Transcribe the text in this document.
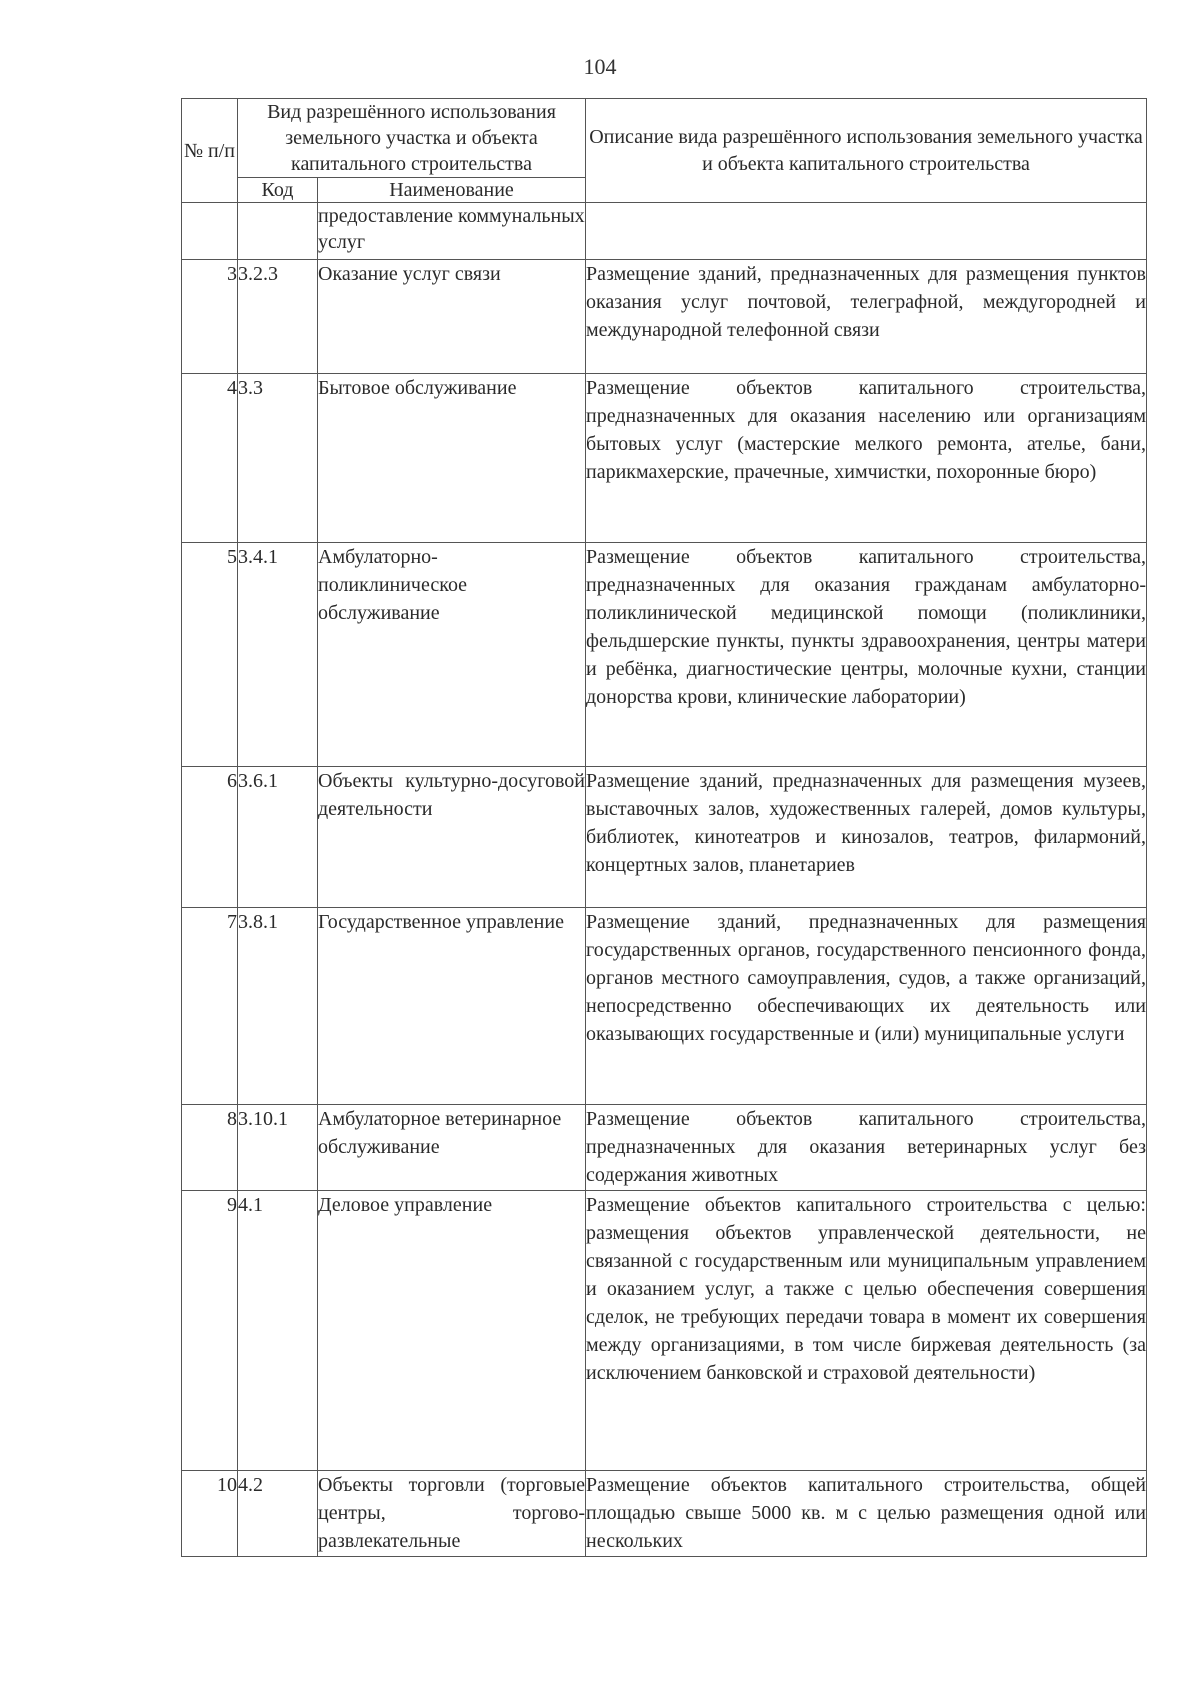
104
№ п/п	Вид разрешённого использования земельного участка и объекта капитального строительства		Описание вида разрешённого использования земельного участка и объекта капитального строительства
	Код	Наименование	
		предоставление коммунальных услуг	
3	3.2.3	Оказание услуг связи	Размещение зданий, предназначенных для размещения пунктов оказания услуг почтовой, телеграфной, междугородней и международной телефонной связи
4	3.3	Бытовое обслуживание	Размещение объектов капитального строительства, предназначенных для оказания населению или организациям бытовых услуг (мастерские мелкого ремонта, ателье, бани, парикмахерские, прачечные, химчистки, похоронные бюро)
5	3.4.1	Амбулаторно-поликлиническое обслуживание	Размещение объектов капитального строительства, предназначенных для оказания гражданам амбулаторно-поликлинической медицинской помощи (поликлиники, фельдшерские пункты, пункты здравоохранения, центры матери и ребёнка, диагностические центры, молочные кухни, станции донорства крови, клинические лаборатории)
6	3.6.1	Объекты культурно-досуговой деятельности	Размещение зданий, предназначенных для размещения музеев, выставочных залов, художественных галерей, домов культуры, библиотек, кинотеатров и кинозалов, театров, филармоний, концертных залов, планетариев
7	3.8.1	Государственное управление	Размещение зданий, предназначенных для размещения государственных органов, государственного пенсионного фонда, органов местного самоуправления, судов, а также организаций, непосредственно обеспечивающих их деятельность или оказывающих государственные и (или) муниципальные услуги
8	3.10.1	Амбулаторное ветеринарное обслуживание	Размещение объектов капитального строительства, предназначенных для оказания ветеринарных услуг без содержания животных
9	4.1	Деловое управление	Размещение объектов капитального строительства с целью: размещения объектов управленческой деятельности, не связанной с государственным или муниципальным управлением и оказанием услуг, а также с целью обеспечения совершения сделок, не требующих передачи товара в момент их совершения между организациями, в том числе биржевая деятельность (за исключением банковской и страховой деятельности)
10	4.2	Объекты торговли (торговые центры, торгово-развлекательные	Размещение объектов капитального строительства, общей площадью свыше 5000 кв. м с целью размещения одной или нескольких
